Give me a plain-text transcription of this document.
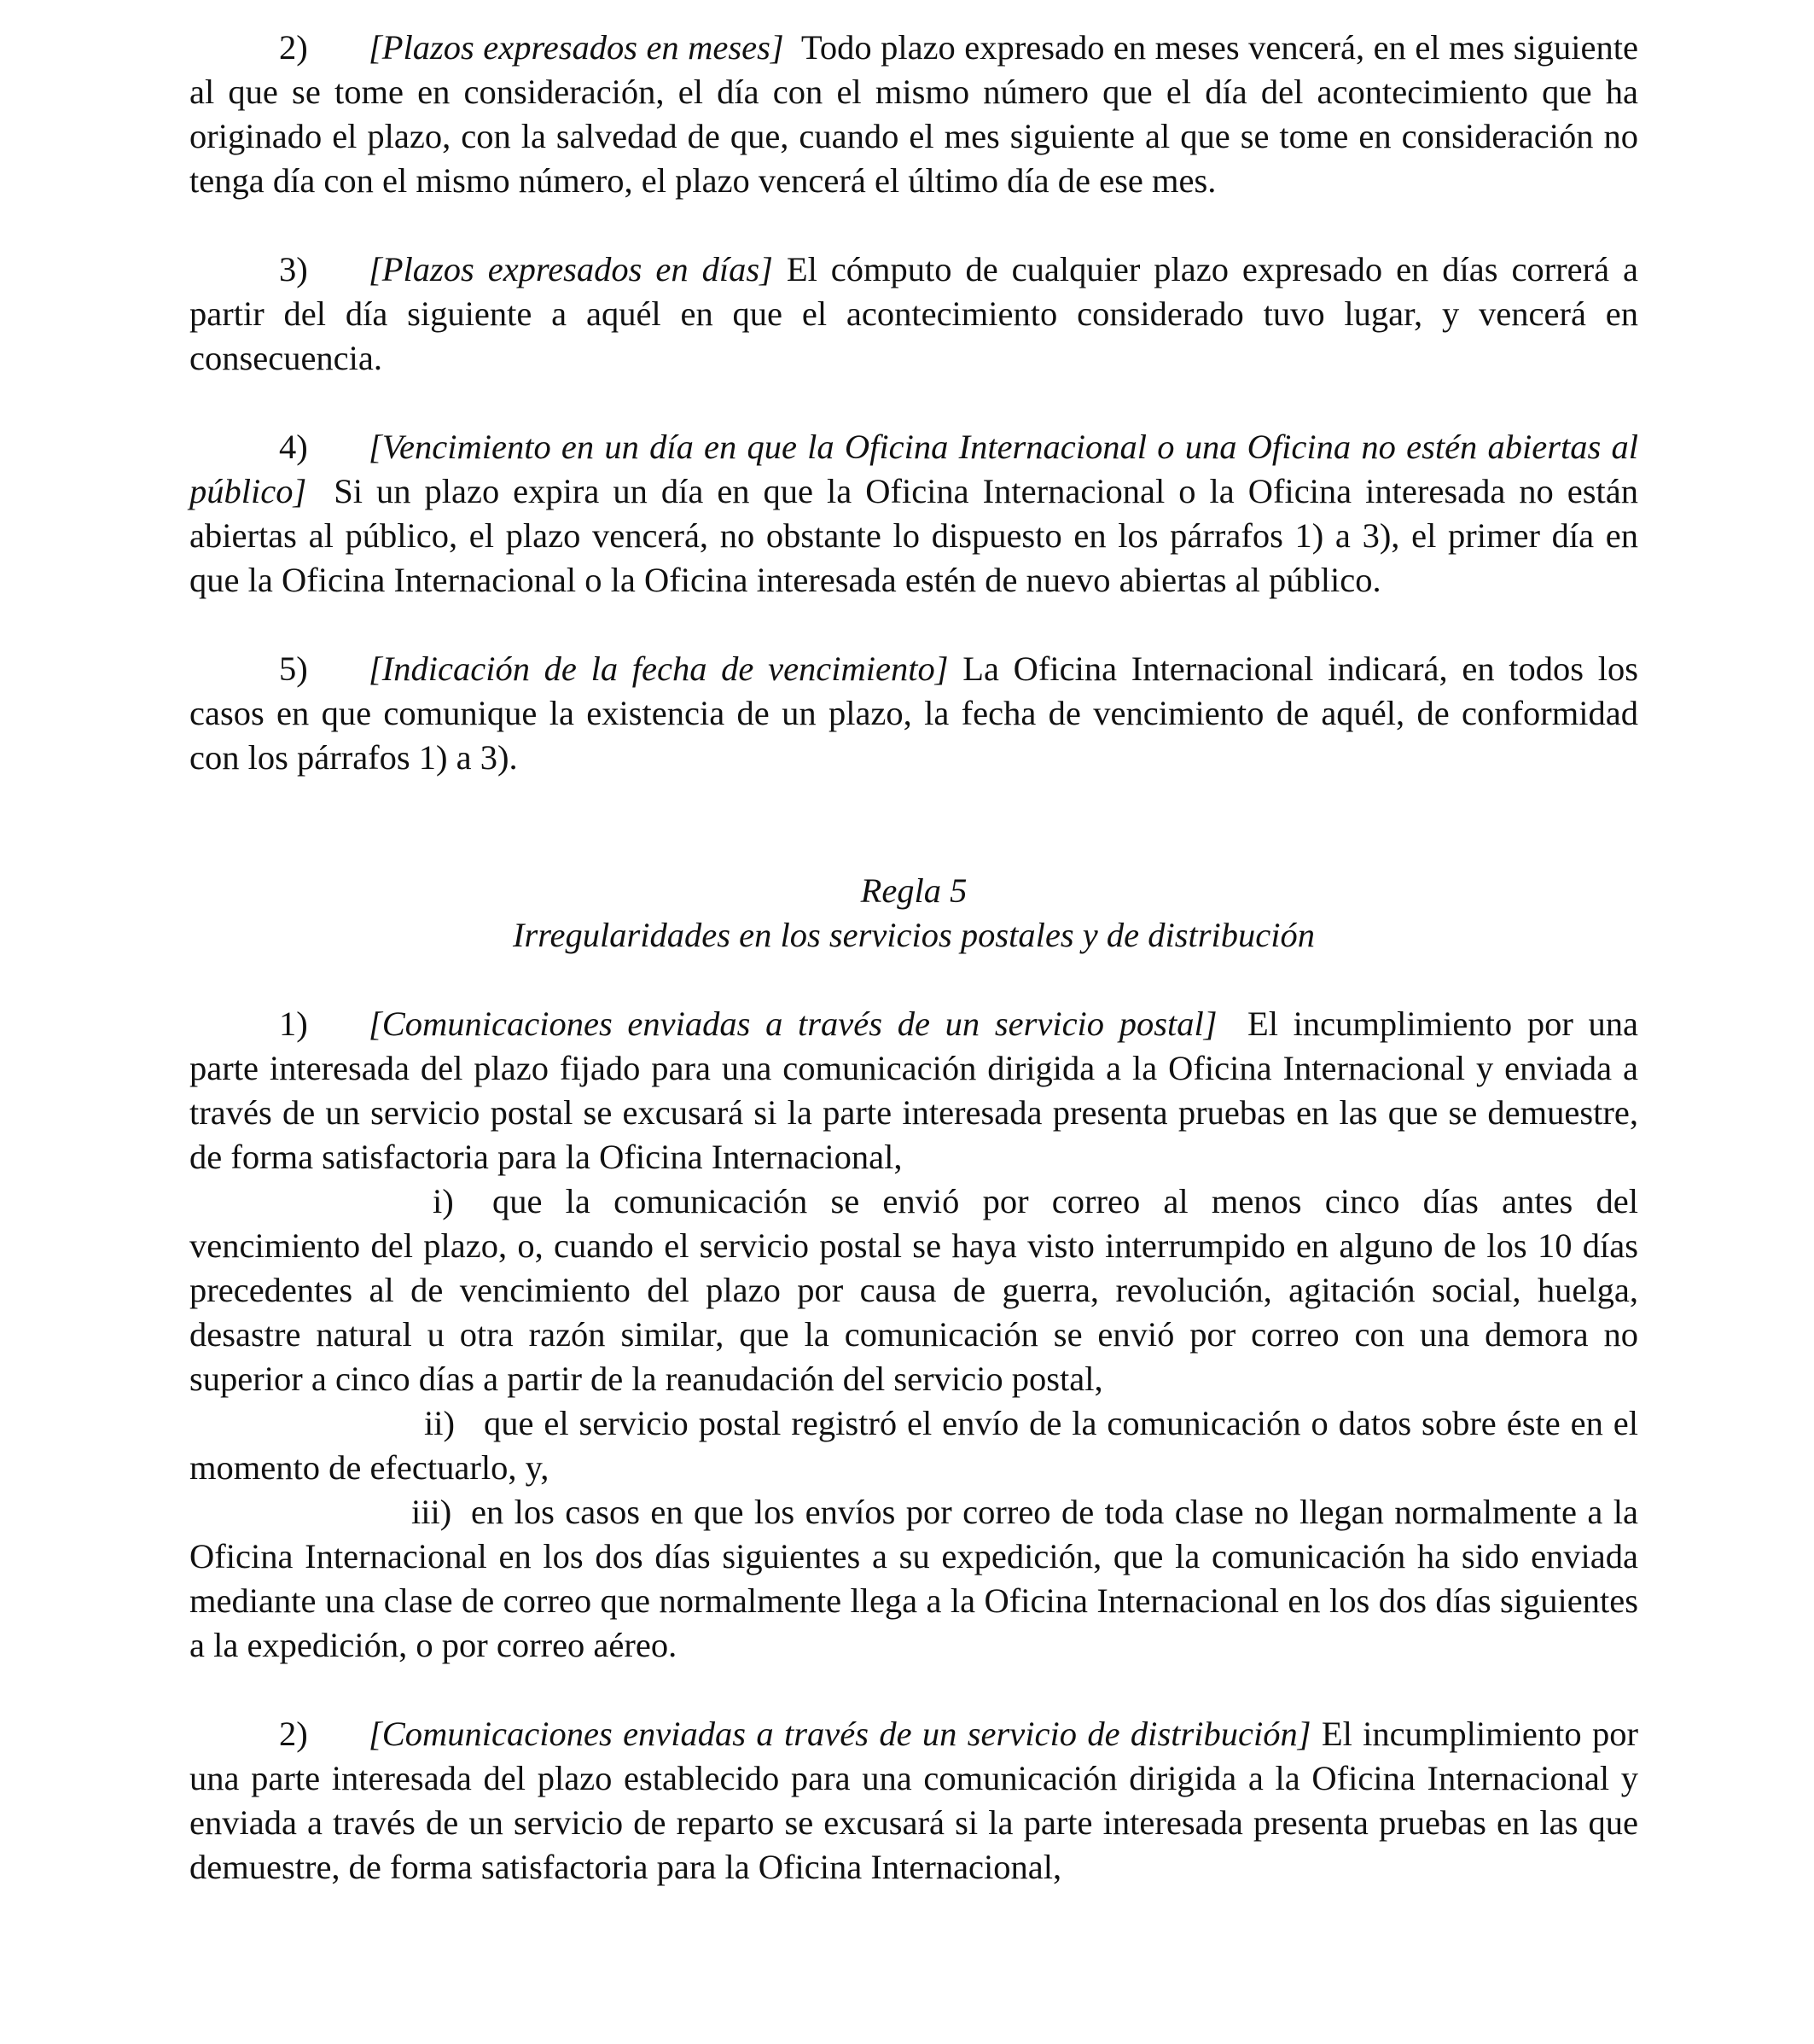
2) [Plazos expresados en meses] Todo plazo expresado en meses vencerá, en el mes siguiente al que se tome en consideración, el día con el mismo número que el día del acontecimiento que ha originado el plazo, con la salvedad de que, cuando el mes siguiente al que se tome en consideración no tenga día con el mismo número, el plazo vencerá el último día de ese mes.

3) [Plazos expresados en días] El cómputo de cualquier plazo expresado en días correrá a partir del día siguiente a aquél en que el acontecimiento considerado tuvo lugar, y vencerá en consecuencia.

4) [Vencimiento en un día en que la Oficina Internacional o una Oficina no estén abiertas al público] Si un plazo expira un día en que la Oficina Internacional o la Oficina interesada no están abiertas al público, el plazo vencerá, no obstante lo dispuesto en los párrafos 1) a 3), el primer día en que la Oficina Internacional o la Oficina interesada estén de nuevo abiertas al público.

5) [Indicación de la fecha de vencimiento] La Oficina Internacional indicará, en todos los casos en que comunique la existencia de un plazo, la fecha de vencimiento de aquél, de conformidad con los párrafos 1) a 3).

Regla 5
Irregularidades en los servicios postales y de distribución

1) [Comunicaciones enviadas a través de un servicio postal] El incumplimiento por una parte interesada del plazo fijado para una comunicación dirigida a la Oficina Internacional y enviada a través de un servicio postal se excusará si la parte interesada presenta pruebas en las que se demuestre, de forma satisfactoria para la Oficina Internacional,

i) que la comunicación se envió por correo al menos cinco días antes del vencimiento del plazo, o, cuando el servicio postal se haya visto interrumpido en alguno de los 10 días precedentes al de vencimiento del plazo por causa de guerra, revolución, agitación social, huelga, desastre natural u otra razón similar, que la comunicación se envió por correo con una demora no superior a cinco días a partir de la reanudación del servicio postal,

ii) que el servicio postal registró el envío de la comunicación o datos sobre éste en el momento de efectuarlo, y,

iii) en los casos en que los envíos por correo de toda clase no llegan normalmente a la Oficina Internacional en los dos días siguientes a su expedición, que la comunicación ha sido enviada mediante una clase de correo que normalmente llega a la Oficina Internacional en los dos días siguientes a la expedición, o por correo aéreo.

2) [Comunicaciones enviadas a través de un servicio de distribución] El incumplimiento por una parte interesada del plazo establecido para una comunicación dirigida a la Oficina Internacional y enviada a través de un servicio de reparto se excusará si la parte interesada presenta pruebas en las que demuestre, de forma satisfactoria para la Oficina Internacional,
